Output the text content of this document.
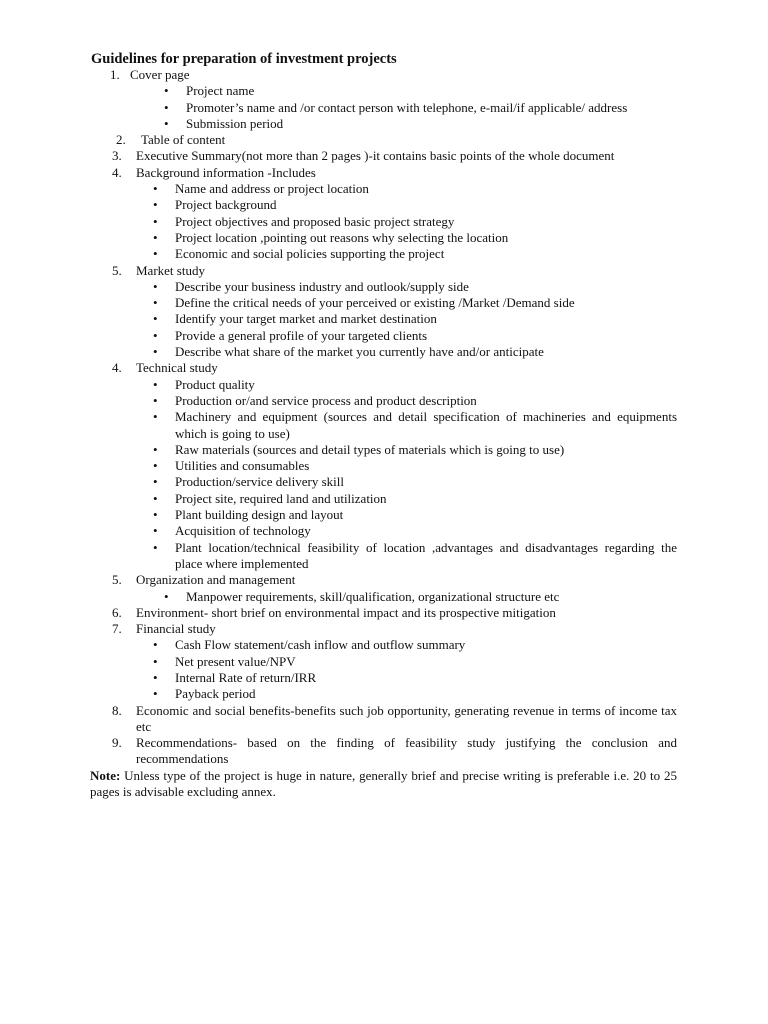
Guidelines for preparation of investment projects
1. Cover page
• Project name
• Promoter’s name and /or contact person with telephone, e-mail/if applicable/ address
• Submission period
2. Table of content
3. Executive Summary(not more than 2 pages )-it contains basic points of the whole document
4. Background information -Includes
• Name and address or project location
• Project background
• Project objectives and proposed basic project strategy
• Project location ,pointing out reasons why selecting the location
• Economic and social policies supporting the project
5. Market study
• Describe your business industry and outlook/supply side
• Define the critical needs of your perceived or existing /Market /Demand side
• Identify your target market and market destination
• Provide a general profile of your targeted clients
• Describe what share of the market you currently have and/or anticipate
4. Technical study
• Product quality
• Production or/and service process and product description
• Machinery and equipment (sources and detail specification of machineries and equipments which is going to use)
• Raw materials (sources and detail types of materials which is going to use)
• Utilities and consumables
• Production/service delivery skill
• Project site, required land and utilization
• Plant building design and layout
• Acquisition of technology
• Plant location/technical feasibility of location ,advantages and disadvantages regarding the place where implemented
5. Organization and management
• Manpower requirements, skill/qualification, organizational structure etc
6. Environment- short brief on environmental impact and its prospective mitigation
7. Financial study
• Cash Flow statement/cash inflow and outflow summary
• Net present value/NPV
• Internal Rate of return/IRR
• Payback period
8. Economic and social benefits-benefits such job opportunity, generating revenue in terms of income tax etc
9. Recommendations- based on the finding of feasibility study justifying the conclusion and recommendations
Note: Unless type of the project is huge in nature, generally brief and precise writing is preferable i.e. 20 to 25 pages is advisable excluding annex.
